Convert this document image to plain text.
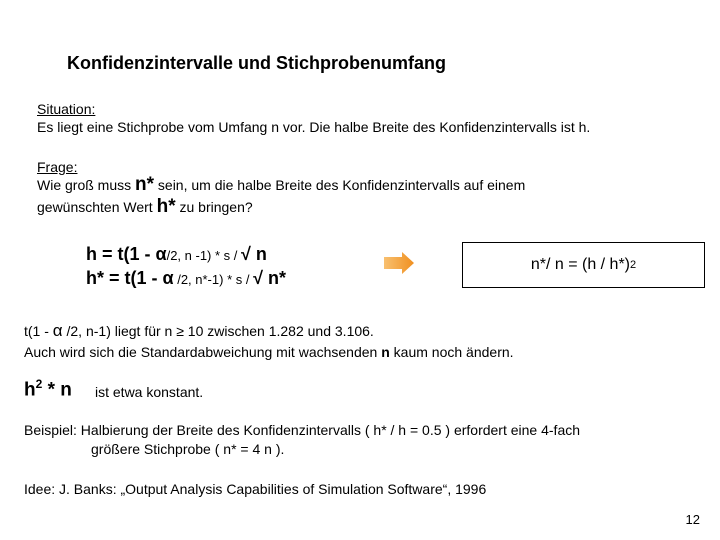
Konfidenzintervalle und Stichprobenumfang
Situation:
Es liegt eine Stichprobe vom Umfang n vor. Die halbe Breite des Konfidenzintervalls ist h.
Frage:
Wie groß muss n* sein, um die halbe Breite des Konfidenzintervalls auf einem
gewünschten Wert h* zu bringen?
h = t(1 - α/2, n -1) * s / √ n
h* = t(1 - α /2, n*-1) * s / √ n*
n*/ n = (h / h*) 2
t(1 - α /2, n-1) liegt für n ≥ 10 zwischen 1.282 und 3.106.
Auch wird sich die Standardabweichung mit wachsenden n kaum noch ändern.
$h^2$ * n ist etwa konstant.
Beispiel: Halbierung der Breite des Konfidenzintervalls ( h* / h = 0.5 ) erfordert eine 4-fach
größere Stichprobe ( n* = 4 n ).
Idee: J. Banks: „Output Analysis Capabilities of Simulation Software“, 1996
12
